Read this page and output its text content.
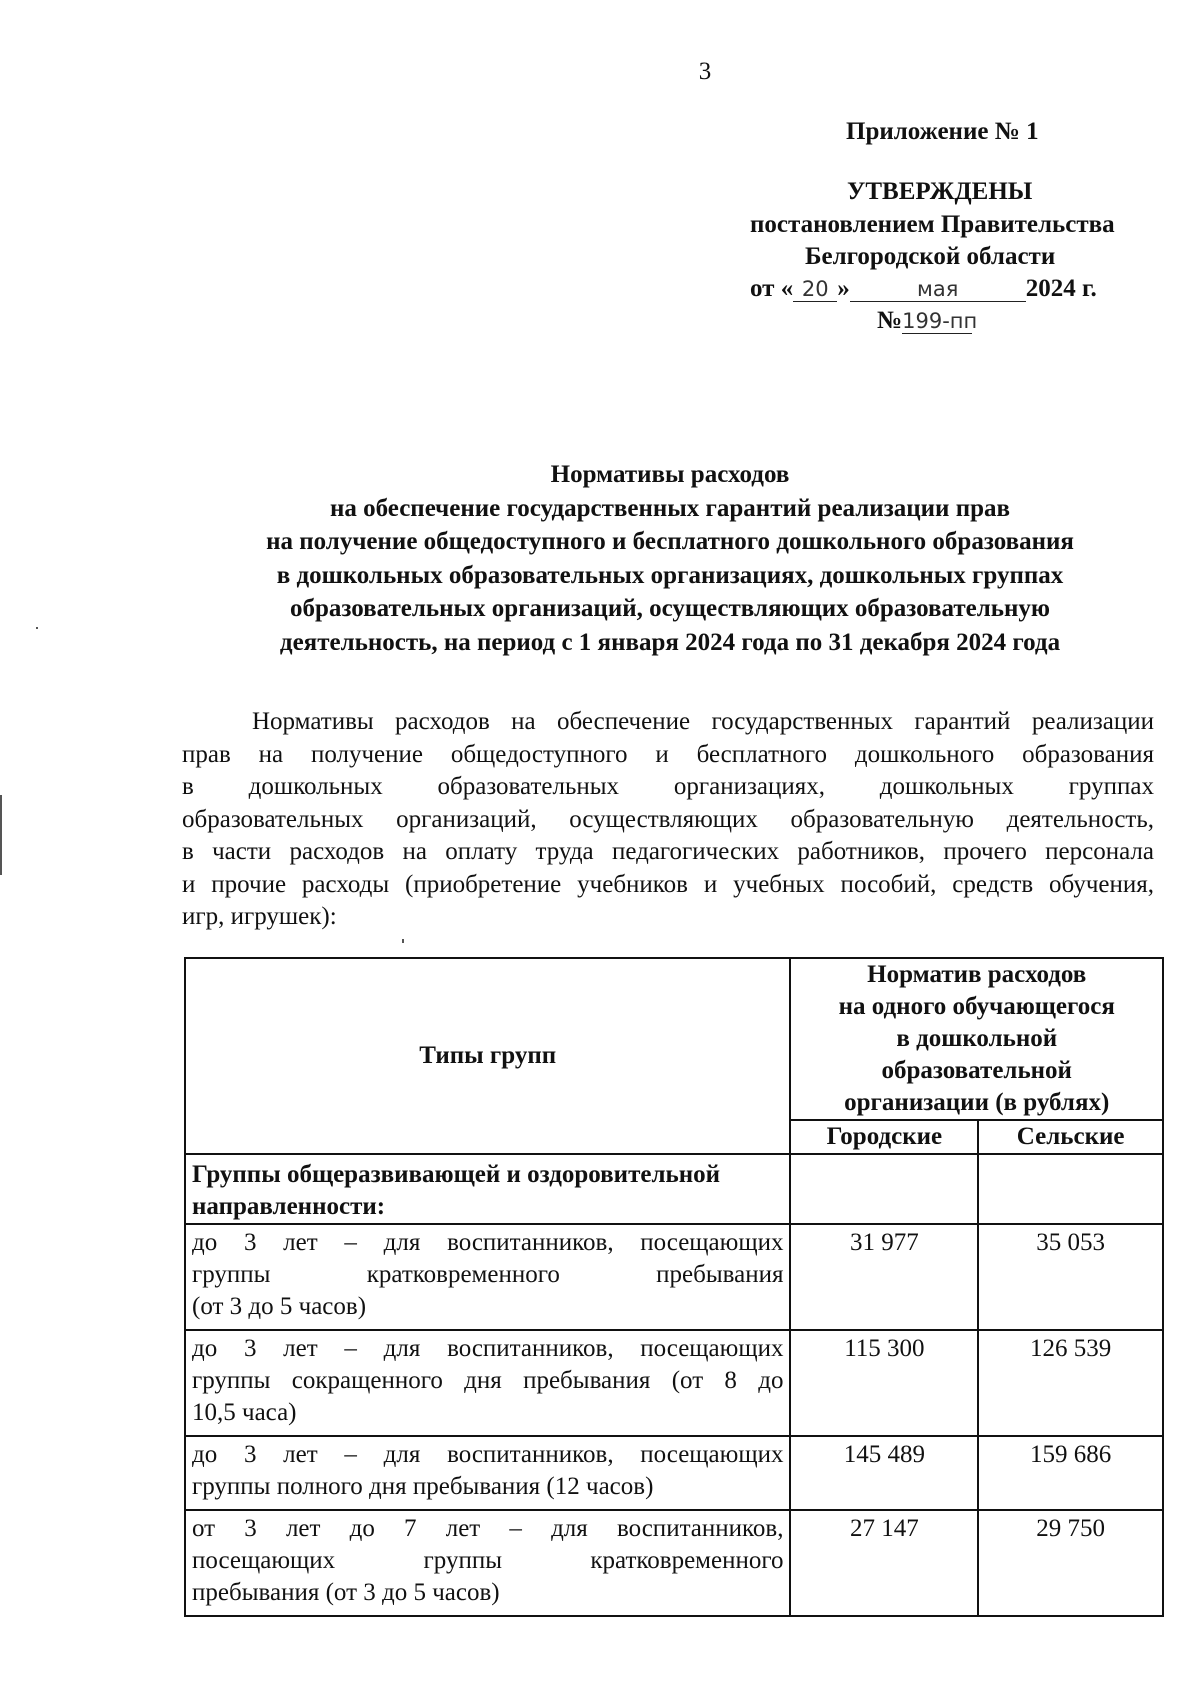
3
Приложение № 1
УТВЕРЖДЕНЫ
постановлением Правительства
Белгородской области
от « 20 »	мая	2024 г.
№199-пп
Нормативы расходов
на обеспечение государственных гарантий реализации прав
на получение общедоступного и бесплатного дошкольного образования
в дошкольных образовательных организациях, дошкольных группах
образовательных организаций, осуществляющих образовательную
деятельность, на период с 1 января 2024 года по 31 декабря 2024 года
Нормативы расходов на обеспечение государственных гарантий реализации
прав на получение общедоступного и бесплатного дошкольного образования
в дошкольных образовательных организациях, дошкольных группах
образовательных организаций, осуществляющих образовательную деятельность,
в части расходов на оплату труда педагогических работников, прочего персонала
и прочие расходы (приобретение учебников и учебных пособий, средств обучения,
игр, игрушек):
Типы групп	Норматив расходов
на одного обучающегося
в дошкольной
образовательной
организации (в рублях)	

	Городские	Сельские

Группы общеразвивающей и оздоровительной
направленности:		

до 3 лет – для воспитанников, посещающих
группы кратковременного пребывания
(от 3 до 5 часов)	31 977	35 053

до 3 лет – для воспитанников, посещающих
группы сокращенного дня пребывания (от 8 до
10,5 часа)	115 300	126 539

до 3 лет – для воспитанников, посещающих
группы полного дня пребывания (12 часов)	145 489	159 686

от 3 лет до 7 лет – для воспитанников,
посещающих группы кратковременного
пребывания (от 3 до 5 часов)	27 147	29 750
